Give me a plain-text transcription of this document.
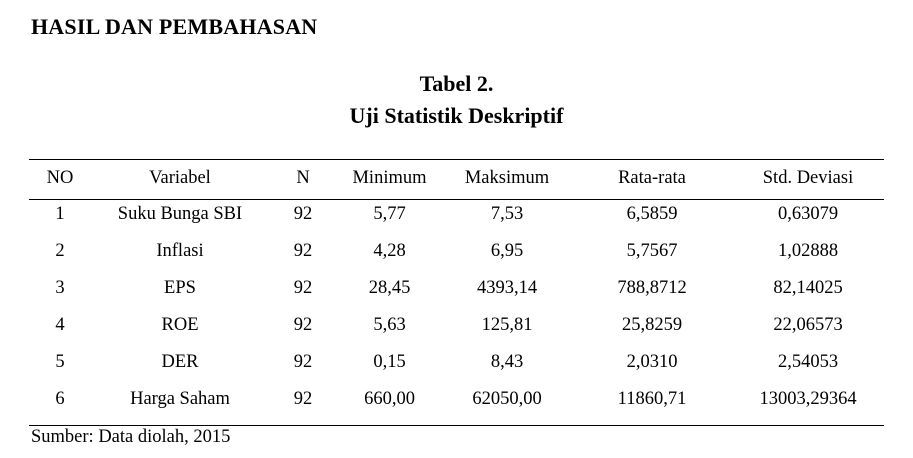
HASIL DAN PEMBAHASAN
Tabel 2.
Uji Statistik Deskriptif
NO	Variabel	N	Minimum	Maksimum	Rata-rata	Std. Deviasi
1	Suku Bunga SBI	92	5,77	7,53	6,5859	0,63079
2	Inflasi	92	4,28	6,95	5,7567	1,02888
3	EPS	92	28,45	4393,14	788,8712	82,14025
4	ROE	92	5,63	125,81	25,8259	22,06573
5	DER	92	0,15	8,43	2,0310	2,54053
6	Harga Saham	92	660,00	62050,00	11860,71	13003,29364
Sumber: Data diolah, 2015
